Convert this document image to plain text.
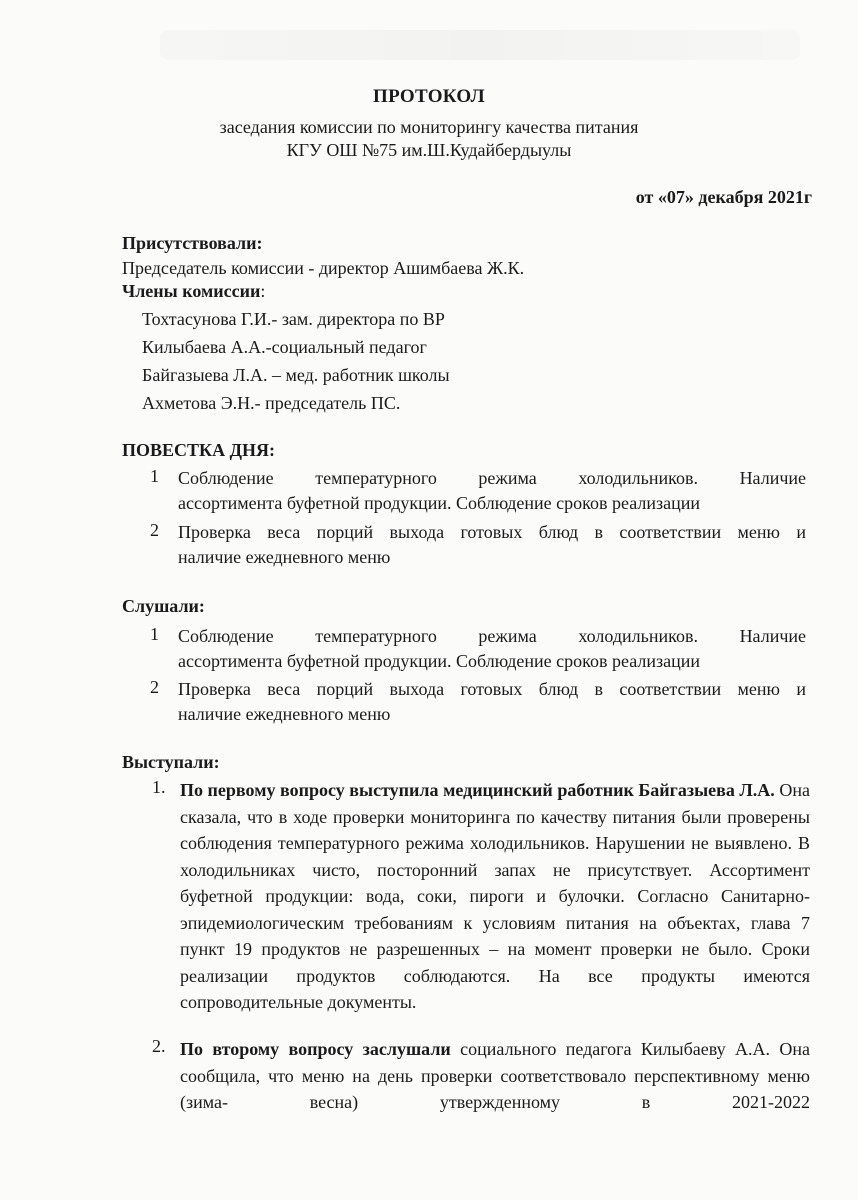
ПРОТОКОЛ
заседания комиссии по мониторингу качества питания
КГУ ОШ №75 им.Ш.Кудайбердыулы
от «07» декабря 2021г
Присутствовали:
Председатель комиссии - директор Ашимбаева Ж.К.
Члены комиссии:
Тохтасунова Г.И.- зам. директора по ВР
Килыбаева А.А.-социальный педагог
Байгазыева Л.А. – мед. работник школы
Ахметова Э.Н.- председатель ПС.
ПОВЕСТКА ДНЯ:
1 Соблюдение температурного режима холодильников. Наличие
ассортимента буфетной продукции. Соблюдение сроков реализации
2 Проверка веса порций выхода готовых блюд в соответствии меню и
наличие ежедневного меню
Слушали:
1 Соблюдение температурного режима холодильников. Наличие
ассортимента буфетной продукции. Соблюдение сроков реализации
2 Проверка веса порций выхода готовых блюд в соответствии меню и
наличие ежедневного меню
Выступали:
1. По первому вопросу выступила медицинский работник Байгазыева Л.А. Она сказала, что в ходе проверки мониторинга по качеству питания были проверены соблюдения температурного режима холодильников. Нарушении не выявлено. В холодильниках чисто, посторонний запах не присутствует. Ассортимент буфетной продукции: вода, соки, пироги и булочки. Согласно Санитарно-эпидемиологическим требованиям к условиям питания на объектах, глава 7 пункт 19 продуктов не разрешенных – на момент проверки не было. Сроки реализации продуктов соблюдаются. На все продукты имеются сопроводительные документы.
2. По второму вопросу заслушали социального педагога Килыбаеву А.А. Она сообщила, что меню на день проверки соответствовало перспективному меню (зима- весна) утвержденному в 2021-2022
